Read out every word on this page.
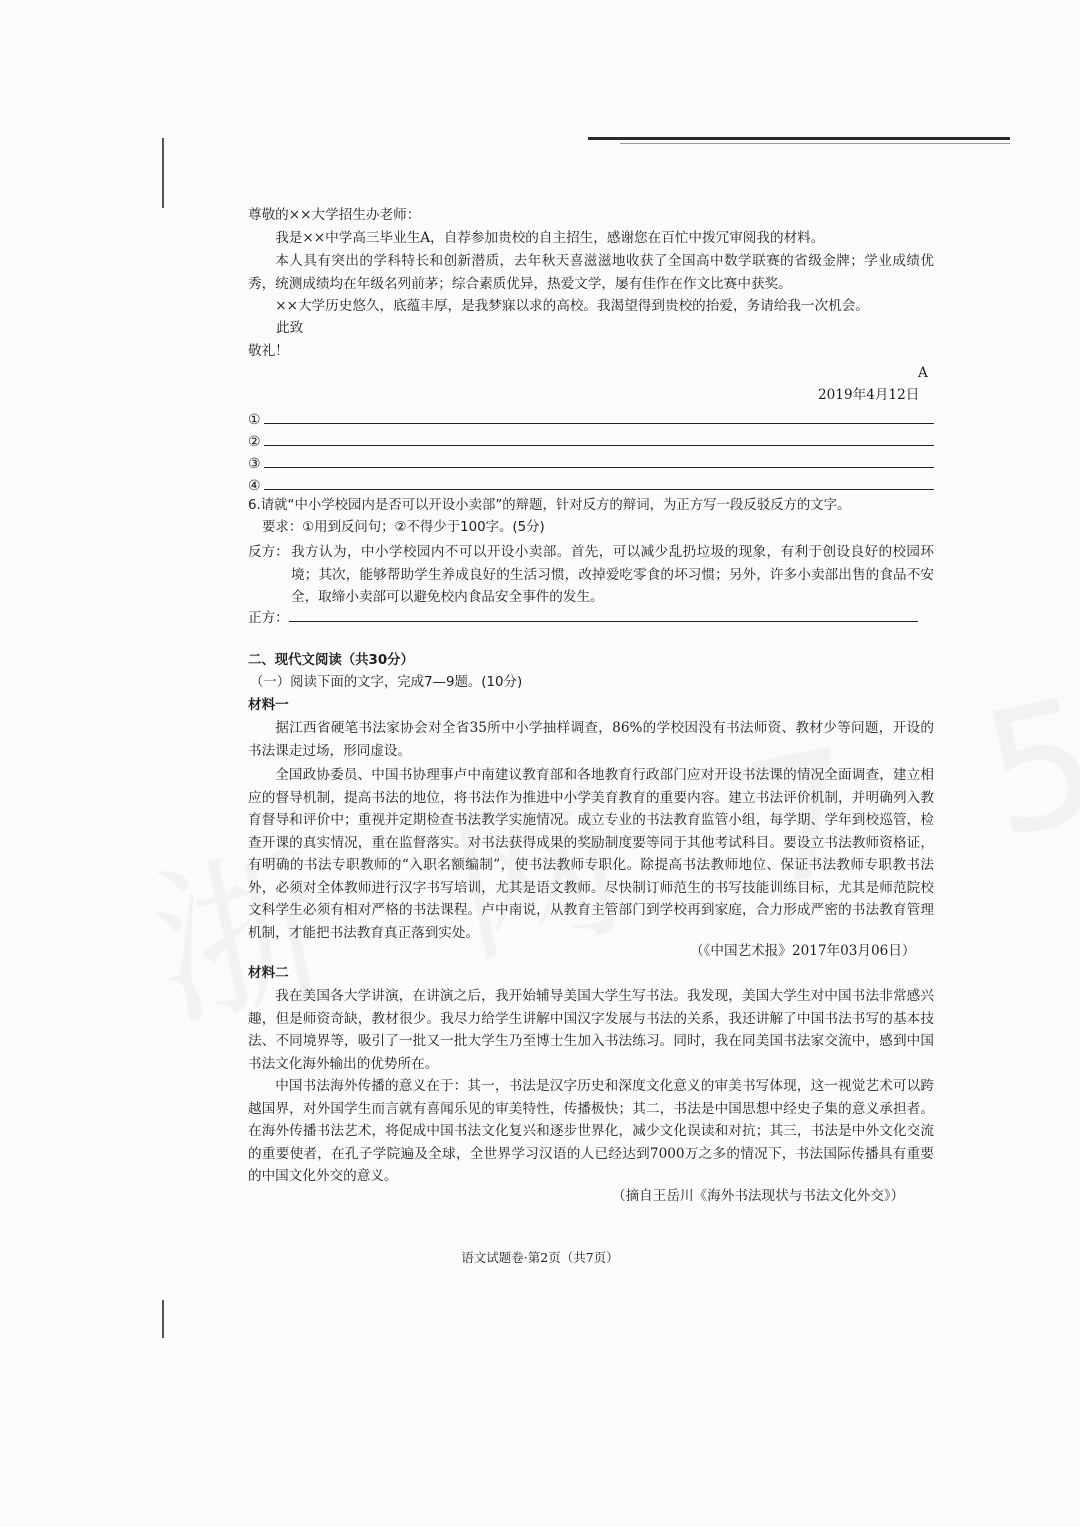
尊敬的××大学招生办老师：
我是××中学高三毕业生A，自荐参加贵校的自主招生，感谢您在百忙中拨冗审阅我的材料。
本人具有突出的学科特长和创新潜质，去年秋天喜滋滋地收获了全国高中数学联赛的省级金牌；学业成绩优秀，统测成绩均在年级名列前茅；综合素质优异，热爱文学，屡有佳作在作文比赛中获奖。
××大学历史悠久，底蕴丰厚，是我梦寐以求的高校。我渴望得到贵校的抬爱，务请给我一次机会。
此致
敬礼！
A
2019年4月12日
①
②
③
④
6.请就“中小学校园内是否可以开设小卖部”的辩题，针对反方的辩词，为正方写一段反驳反方的文字。
要求：①用到反问句；②不得少于100字。(5分)
反方： 我方认为，中小学校园内不可以开设小卖部。首先，可以减少乱扔垃圾的现象，有利于创设良好的校园环境；其次，能够帮助学生养成良好的生活习惯，改掉爱吃零食的坏习惯；另外，许多小卖部出售的食品不安全，取缔小卖部可以避免校内食品安全事件的发生。
正方：
二、现代文阅读（共30分）
（一）阅读下面的文字，完成7—9题。(10分)
材料一
据江西省硬笔书法家协会对全省35所中小学抽样调查，86%的学校因没有书法师资、教材少等问题，开设的书法课走过场，形同虚设。
全国政协委员、中国书协理事卢中南建议教育部和各地教育行政部门应对开设书法课的情况全面调查，建立相应的督导机制，提高书法的地位，将书法作为推进中小学美育教育的重要内容。建立书法评价机制，并明确列入教育督导和评价中；重视并定期检查书法教学实施情况。成立专业的书法教育监管小组，每学期、学年到校巡管，检查开课的真实情况，重在监督落实。对书法获得成果的奖励制度要等同于其他考试科目。要设立书法教师资格证，有明确的书法专职教师的“入职名额编制”，使书法教师专职化。除提高书法教师地位、保证书法教师专职教书法外，必须对全体教师进行汉字书写培训，尤其是语文教师。尽快制订师范生的书写技能训练目标，尤其是师范院校文科学生必须有相对严格的书法课程。卢中南说，从教育主管部门到学校再到家庭，合力形成严密的书法教育管理机制，才能把书法教育真正落到实处。
（《中国艺术报》2017年03月06日）
材料二
我在美国各大学讲演，在讲演之后，我开始辅导美国大学生写书法。我发现，美国大学生对中国书法非常感兴趣，但是师资奇缺，教材很少。我尽力给学生讲解中国汉字发展与书法的关系，我还讲解了中国书法书写的基本技法、不同境界等，吸引了一批又一批大学生乃至博士生加入书法练习。同时，我在同美国书法家交流中，感到中国书法文化海外输出的优势所在。
中国书法海外传播的意义在于：其一，书法是汉字历史和深度文化意义的审美书写体现，这一视觉艺术可以跨越国界，对外国学生而言就有喜闻乐见的审美特性，传播极快；其二，书法是中国思想中经史子集的意义承担者。在海外传播书法艺术，将促成中国书法文化复兴和逐步世界化，减少文化误读和对抗；其三，书法是中外文化交流的重要使者，在孔子学院遍及全球，全世界学习汉语的人已经达到7000万之多的情况下，书法国际传播具有重要的中国文化外交的意义。
（摘自王岳川《海外书法现状与书法文化外交》）
语文试题卷·第2页（共7页）
